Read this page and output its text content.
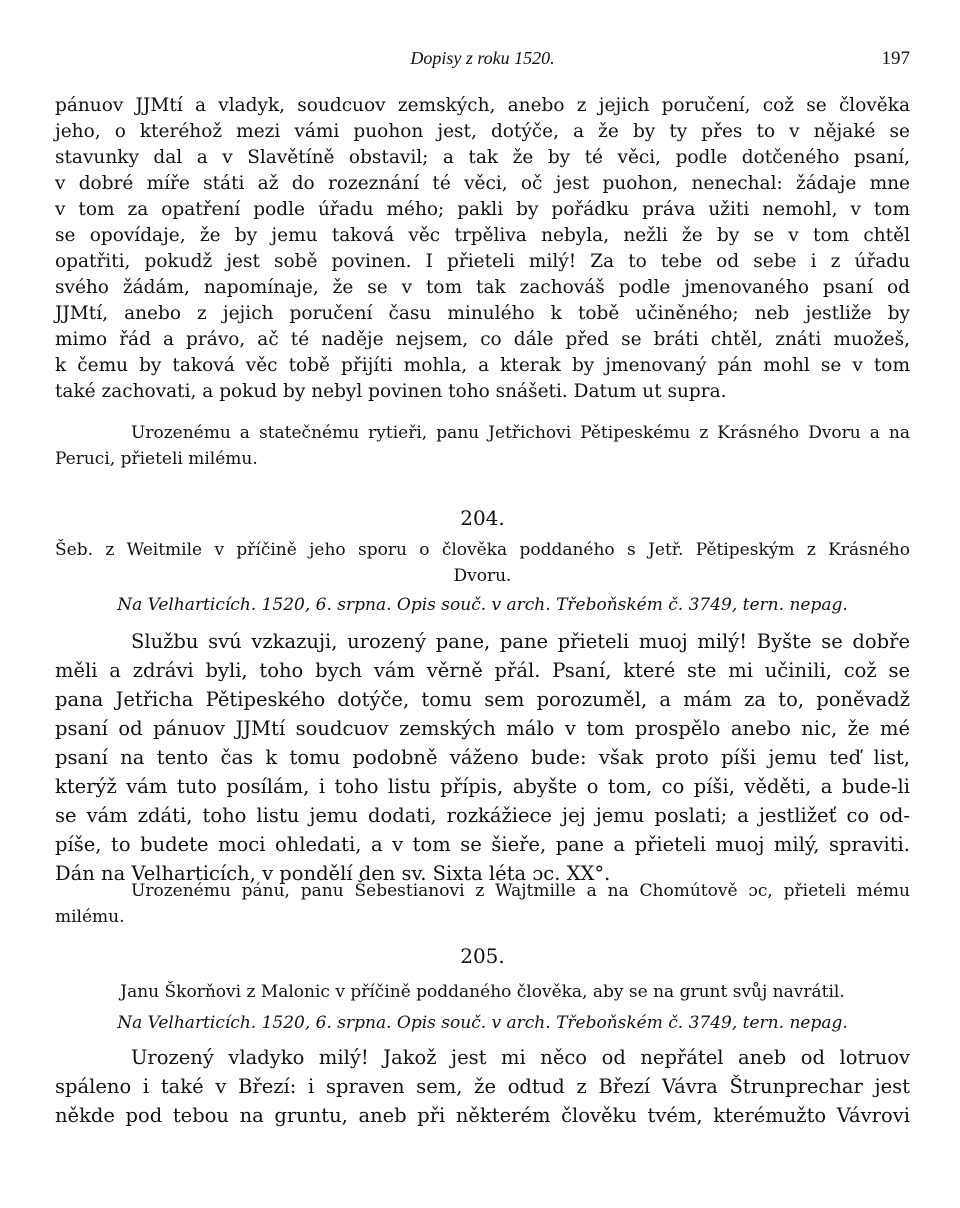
Dopisy z roku 1520.	197
pánuov JJMtí a vladyk, soudcuov zemských, anebo z jejich poručení, což se člověka
jeho, o kteréhož mezi vámi puohon jest, dotýče, a že by ty přes to v nějaké se
stavunky dal a v Slavětíně obstavil; a tak že by té věci, podle dotčeného psaní,
v dobré míře státi až do rozeznání té věci, oč jest puohon, nenechal: žádaje mne
v tom za opatření podle úřadu mého; pakli by pořádku práva užiti nemohl, v tom
se opovídaje, že by jemu taková věc trpěliva nebyla, nežli že by se v tom chtěl
opatřiti, pokudž jest sobě povinen. I přieteli milý! Za to tebe od sebe i z úřadu
svého žádám, napomínaje, že se v tom tak zachováš podle jmenovaného psaní od
JJMtí, anebo z jejich poručení času minulého k tobě učiněného; neb jestliže by
mimo řád a právo, ač té naděje nejsem, co dále před se bráti chtěl, znáti muožeš,
k čemu by taková věc tobě přijíti mohla, a kterak by jmenovaný pán mohl se v tom
také zachovati, a pokud by nebyl povinen toho snášeti. Datum ut supra.
Urozenému a statečnému rytieři, panu Jetřichovi Pětipeskému z Krásného Dvoru a na
Peruci, přieteli milému.
204.
Šeb. z Weitmile v příčině jeho sporu o člověka poddaného s Jetř. Pětipeským z Krásného
Dvoru.
Na Velharticích. 1520, 6. srpna. Opis souč. v arch. Třeboňském č. 3749, tern. nepag.
Službu svú vzkazuji, urozený pane, pane přieteli muoj milý! Byšte se dobře
měli a zdrávi byli, toho bych vám věrně přál. Psaní, které ste mi učinili, což se
pana Jetřicha Pětipeského dotýče, tomu sem porozuměl, a mám za to, poněvadž
psaní od pánuov JJMtí soudcuov zemských málo v tom prospělo anebo nic, že mé
psaní na tento čas k tomu podobně váženo bude: však proto píši jemu teď list,
kterýž vám tuto posílám, i toho listu přípis, abyšte o tom, co píši, věděti, a bude-li
se vám zdáti, toho listu jemu dodati, rozkážiece jej jemu poslati; a jestližeť co od-
píše, to budete moci ohledati, a v tom se šieře, pane a přieteli muoj milý, spraviti.
Dán na Velharticích, v pondělí den sv. Sixta léta ɔc. XX°.
Urozenému pánu, panu Šebestianovi z Wajtmille a na Chomútově ɔc, přieteli mému
milému.
205.
Janu Škorňovi z Malonic v příčině poddaného člověka, aby se na grunt svůj navrátil.
Na Velharticích. 1520, 6. srpna. Opis souč. v arch. Třeboňském č. 3749, tern. nepag.
Urozený vladyko milý! Jakož jest mi něco od nepřátel aneb od lotruov
spáleno i také v Březí: i spraven sem, že odtud z Březí Vávra Štrunprechar jest
někde pod tebou na gruntu, aneb při některém člověku tvém, kterémužto Vávrovi
